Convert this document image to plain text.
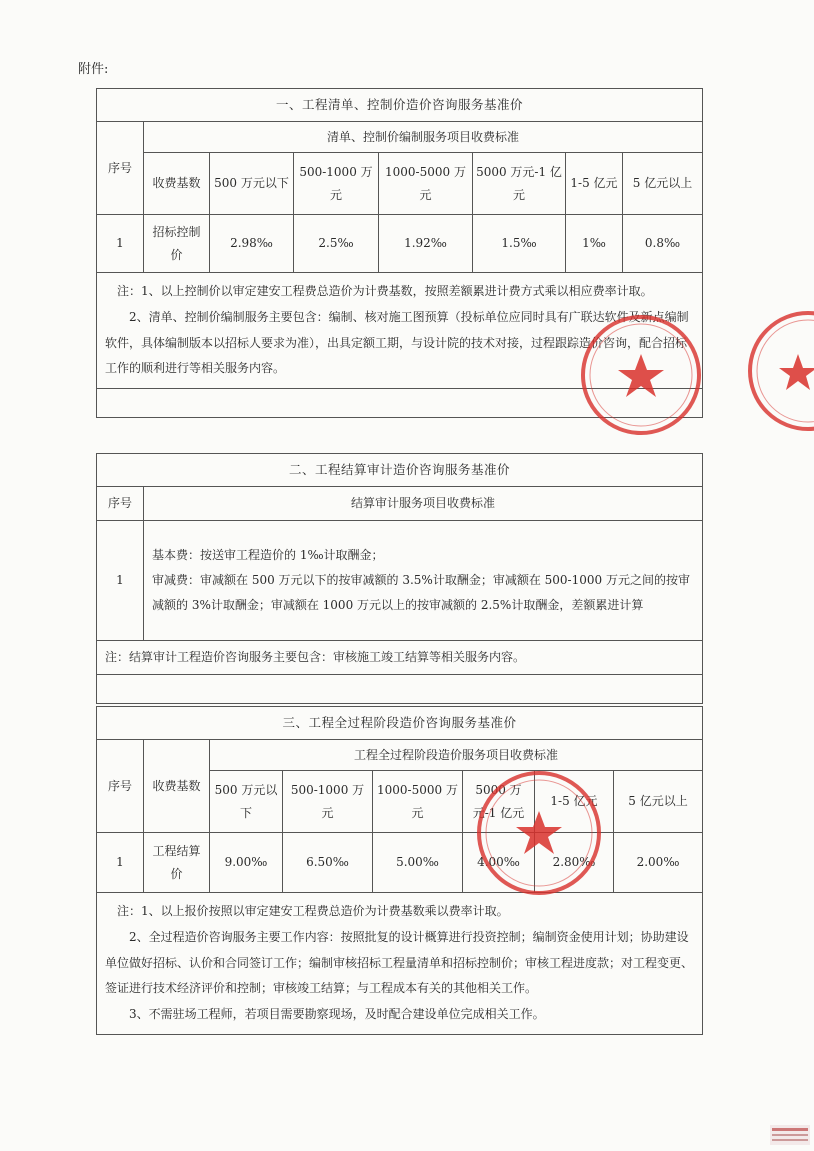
附件:
一、工程清单、控制价造价咨询服务基准价							
序号	清单、控制价编制服务项目收费标准						
	收费基数	500 万元以下	500-1000 万元	1000-5000 万元	5000 万元-1 亿元	1-5 亿元	5 亿元以上
1	招标控制价	2.98‰	2.5‰	1.92‰	1.5‰	1‰	0.8‰

注：1、以上控制价以审定建安工程费总造价为计费基数，按照差额累进计费方式乘以相应费率计取。

2、清单、控制价编制服务主要包含：编制、核对施工图预算（投标单位应同时具有广联达软件及新点编制软件，具体编制版本以招标人要求为准），出具定额工期，与设计院的技术对接，过程跟踪造价咨询，配合招标工作的顺利进行等相关服务内容。							

二、工程结算审计造价咨询服务基准价	
序号	结算审计服务项目收费标准
1	基本费：按送审工程造价的 1‰计取酬金；
审减费：审减额在 500 万元以下的按审减额的 3.5%计取酬金；审减额在 500-1000 万元之间的按审减额的 3%计取酬金；审减额在 1000 万元以上的按审减额的 2.5%计取酬金，差额累进计算

注：结算审计工程造价咨询服务主要包含：审核施工竣工结算等相关服务内容。	

三、工程全过程阶段造价咨询服务基准价							
序号	收费基数	工程全过程阶段造价服务项目收费标准					
		500 万元以下	500-1000 万元	1000-5000 万元	5000 万元-1 亿元	1-5 亿元	5 亿元以上
1	工程结算价	9.00‰	6.50‰	5.00‰	4.00‰	2.80‰	2.00‰

注：1、以上报价按照以审定建安工程费总造价为计费基数乘以费率计取。

2、全过程造价咨询服务主要工作内容：按照批复的设计概算进行投资控制；编制资金使用计划；协助建设单位做好招标、认价和合同签订工作；编制审核招标工程量清单和招标控制价；审核工程进度款；对工程变更、签证进行技术经济评价和控制；审核竣工结算；与工程成本有关的其他相关工作。

3、不需驻场工程师，若项目需要勘察现场，及时配合建设单位完成相关工作。							
